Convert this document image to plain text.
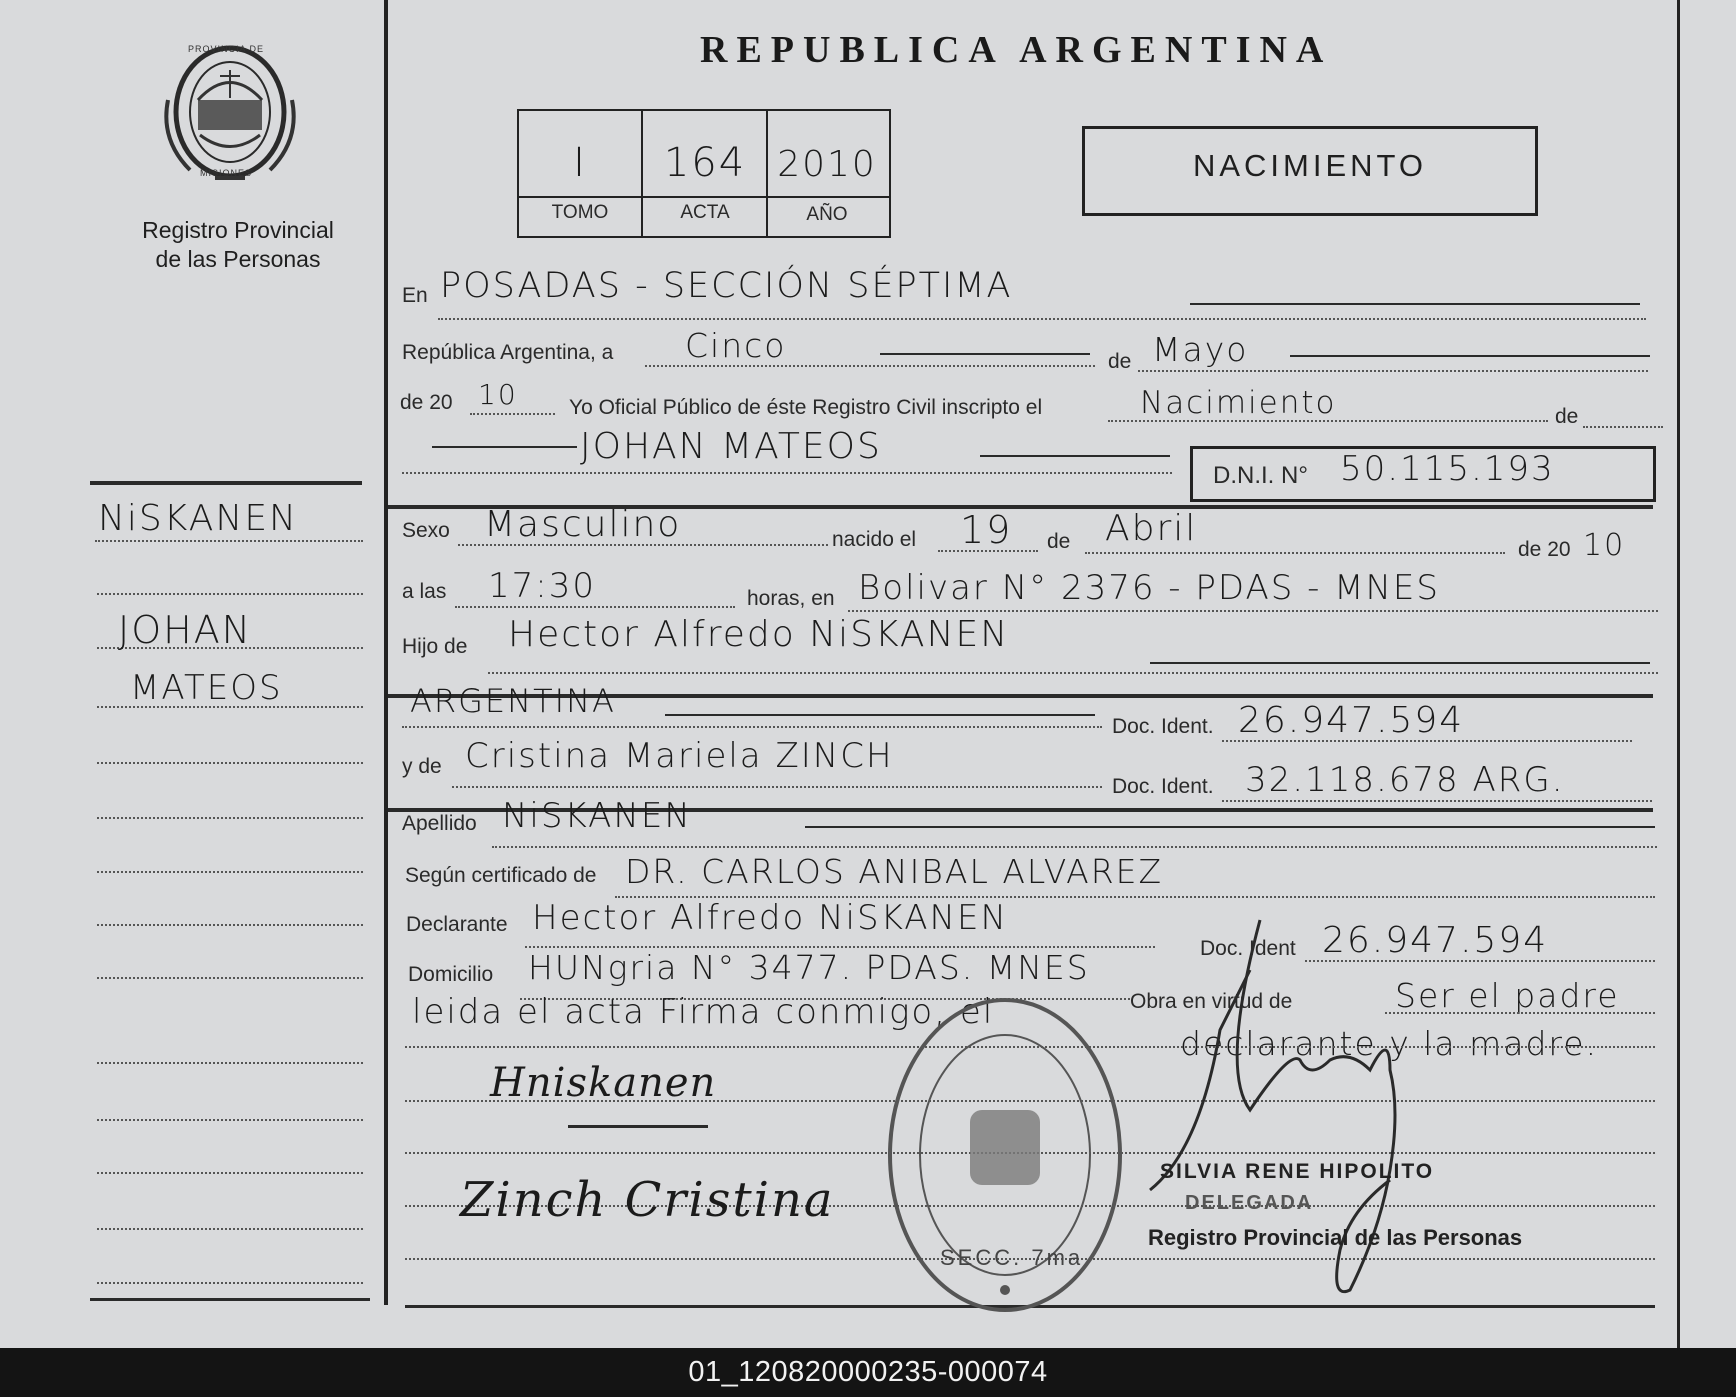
REPUBLICA ARGENTINA
PROVINCIA DE
MISIONES
Registro Provincial
de las Personas
I	164 2010
TOMO	ACTA	AÑO
NACIMIENTO
NiSKANEN
JOHAN
MATEOS
En POSADAS - SECCIÓN SÉPTIMA
República Argentina, a Cinco	de Mayo
de 20 10 Yo Oficial Público de éste Registro Civil inscripto el	Nacimiento	de
JOHAN MATEOS
D.N.I. N° 50.115.193
Sexo Masculino	nacido el 19 de Abril
de 20 10
a las 17:30	horas, en Bolivar N° 2376 - PDAS - MNES
Hijo de Hector Alfredo NiSKANEN
ARGENTINA
Doc. Ident. 26.947.594
y de Cristina Mariela ZINCH
Doc. Ident. 32.118.678 ARG.
Apellido NiSKANEN
Según certificado de DR. CARLOS ANIBAL ALVAREZ
Declarante Hector Alfredo NiSKANEN
Doc. Ident 26.947.594
Domicilio HUNgria N° 3477. PDAS. MNES
Obra en virtud de	Ser el padre
leida el acta Firma conmigo, el
declarante y la madre.
Hniskanen
Zinch Cristina
SECC. 7ma
SILVIA RENE HIPOLITO
DELEGADA
Registro Provincial de las Personas
01_120820000235-000074
